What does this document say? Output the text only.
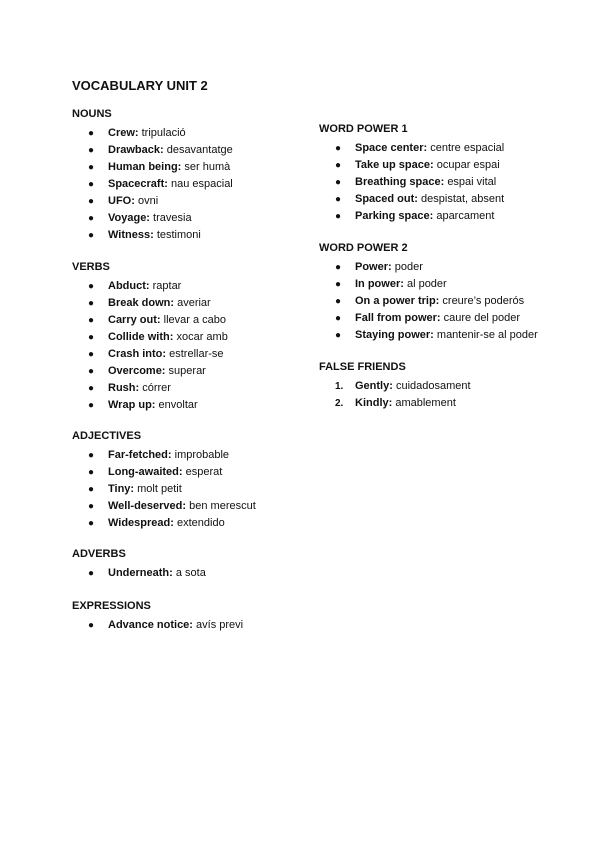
VOCABULARY UNIT 2
NOUNS
● Crew: tripulació
● Drawback: desavantatge
● Human being: ser humà
● Spacecraft: nau espacial
● UFO: ovni
● Voyage: travesia
● Witness: testimoni
VERBS
● Abduct: raptar
● Break down: averiar
● Carry out: llevar a cabo
● Collide with: xocar amb
● Crash into: estrellar-se
● Overcome: superar
● Rush: córrer
● Wrap up: envoltar
ADJECTIVES
● Far-fetched: improbable
● Long-awaited: esperat
● Tiny: molt petit
● Well-deserved: ben merescut
● Widespread: extendido
ADVERBS
● Underneath: a sota
EXPRESSIONS
● Advance notice: avís previ
WORD POWER 1
● Space center: centre espacial
● Take up space: ocupar espai
● Breathing space: espai vital
● Spaced out: despistat, absent
● Parking space: aparcament
WORD POWER 2
● Power: poder
● In power: al poder
● On a power trip: creure’s poderós
● Fall from power: caure del poder
● Staying power: mantenir-se al poder
FALSE FRIENDS
1. Gently: cuidadosament
2. Kindly: amablement
